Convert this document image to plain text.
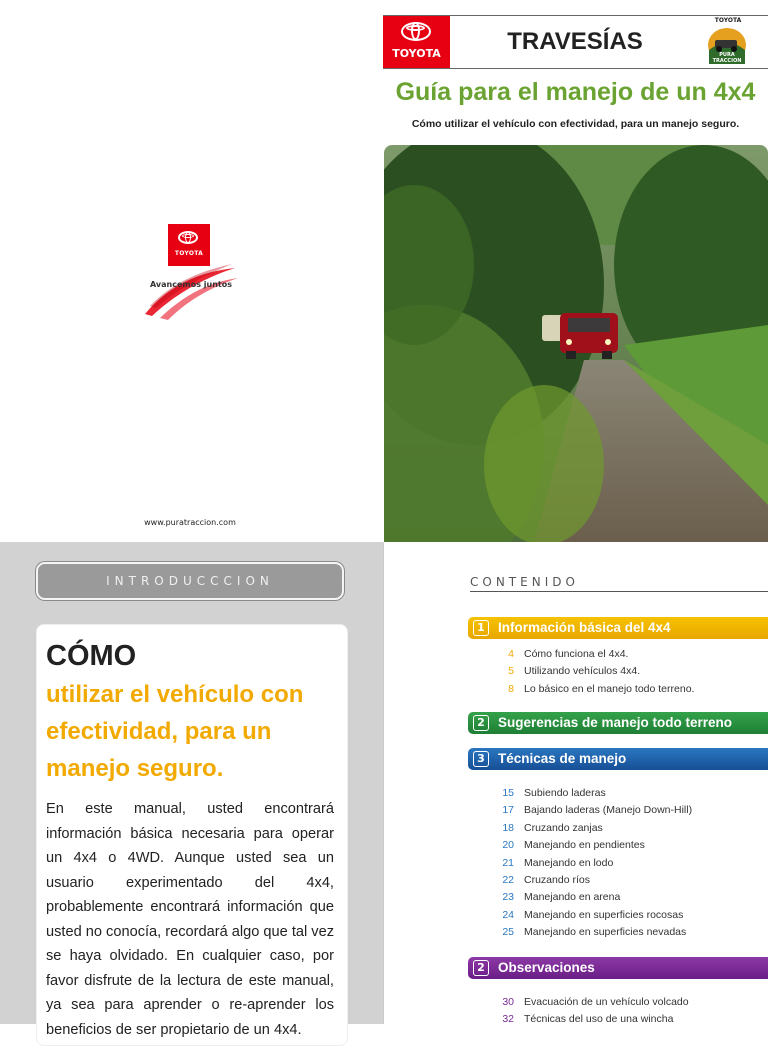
TOYOTA
Avancemos juntos
www.puratraccion.com
TOYOTA	TRAVESÍAS
TOYOTA
PURA TRACCION
Guía para el manejo de un 4x4
Cómo utilizar el vehículo con efectividad, para un manejo seguro.
INTRODUCCCION
CÓMO
utilizar el vehículo con efectividad, para un manejo seguro.
En este manual, usted encontrará información básica necesaria para operar un 4x4 o 4WD. Aunque usted sea un usuario experimentado del 4x4, probablemente encontrará información que usted no conocía, recordará algo que tal vez se haya olvidado. En cualquier caso, por favor disfrute de la lectura de este manual, ya sea para aprender o re-aprender los beneficios de ser propietario de un 4x4.
CONTENIDO
1 Información básica del 4x4
4 Cómo funciona el 4x4.
5 Utilizando vehículos 4x4.
8 Lo básico en el manejo todo terreno.
2 Sugerencias de manejo todo terreno
3 Técnicas de manejo
15 Subiendo laderas
17 Bajando laderas (Manejo Down-Hill)
18 Cruzando zanjas
20 Manejando en pendientes
21 Manejando en lodo
22 Cruzando ríos
23 Manejando en arena
24 Manejando en superficies rocosas
25 Manejando en superficies nevadas
2 Observaciones
30 Evacuación de un vehículo volcado
32 Técnicas del uso de una wincha
